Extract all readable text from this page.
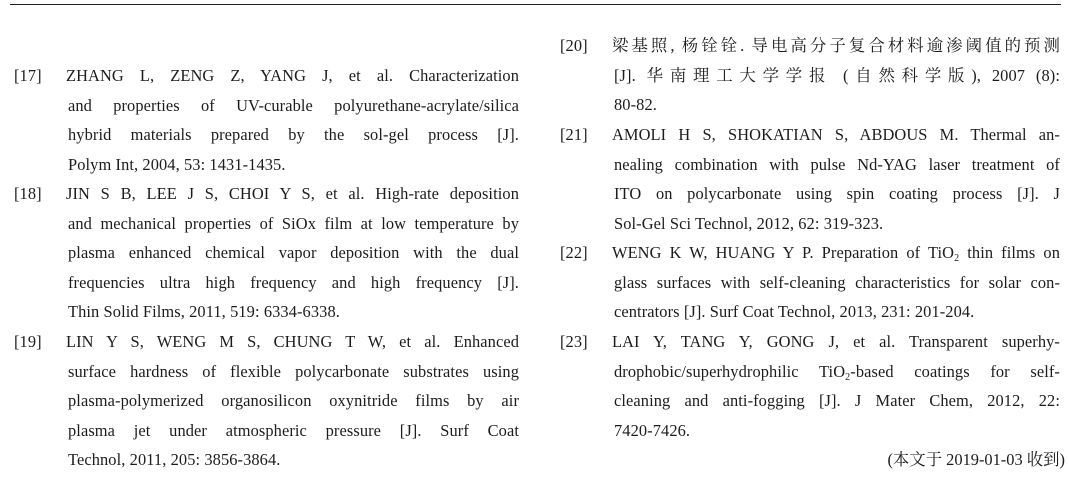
[17]	ZHANG L, ZENG Z, YANG J, et al. Characterization
and properties of UV-curable polyurethane-acrylate/silica
hybrid materials prepared by the sol-gel process [J].
Polym Int, 2004, 53: 1431-1435.
[18]	JIN S B, LEE J S, CHOI Y S, et al. High-rate deposition
and mechanical properties of SiOx film at low temperature by
plasma enhanced chemical vapor deposition with the dual
frequencies ultra high frequency and high frequency [J].
Thin Solid Films, 2011, 519: 6334-6338.
[19]	LIN Y S, WENG M S, CHUNG T W, et al. Enhanced
surface hardness of flexible polycarbonate substrates using
plasma-polymerized organosilicon oxynitride films by air
plasma jet under atmospheric pressure [J]. Surf Coat
Technol, 2011, 205: 3856-3864.
[20]	梁基照, 杨铨铨. 导电高分子复合材料逾渗阈值的预测
[J]. 华南理工大学学报 (自然科学版), 2007 (8):
80-82.
[21]	AMOLI H S, SHOKATIAN S, ABDOUS M. Thermal an-
nealing combination with pulse Nd-YAG laser treatment of
ITO on polycarbonate using spin coating process [J]. J
Sol-Gel Sci Technol, 2012, 62: 319-323.
[22]	WENG K W, HUANG Y P. Preparation of TiO$_2$ thin films on
glass surfaces with self-cleaning characteristics for solar con-
centrators [J]. Surf Coat Technol, 2013, 231: 201-204.
[23]	LAI Y, TANG Y, GONG J, et al. Transparent superhy-
drophobic/superhydrophilic TiO$_2$-based coatings for self-
cleaning and anti-fogging [J]. J Mater Chem, 2012, 22:
7420-7426.
(本文于 2019-01-03 收到)
